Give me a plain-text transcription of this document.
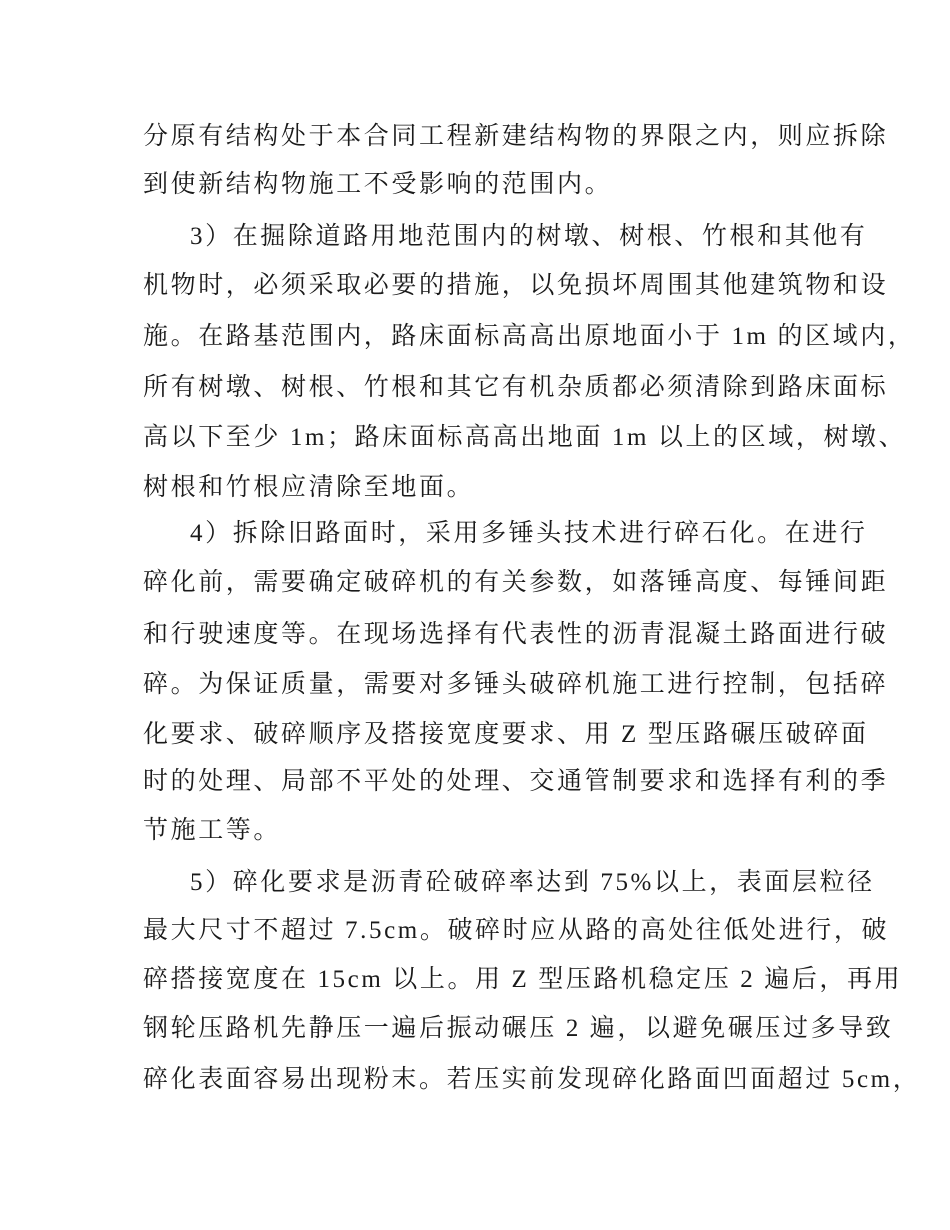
分原有结构处于本合同工程新建结构物的界限之内，则应拆除
到使新结构物施工不受影响的范围内。
3）在掘除道路用地范围内的树墩、树根、竹根和其他有
机物时，必须采取必要的措施，以免损坏周围其他建筑物和设
施。在路基范围内，路床面标高高出原地面小于 1m 的区域内，
所有树墩、树根、竹根和其它有机杂质都必须清除到路床面标
高以下至少 1m；路床面标高高出地面 1m 以上的区域，树墩、
树根和竹根应清除至地面。
4）拆除旧路面时，采用多锤头技术进行碎石化。在进行
碎化前，需要确定破碎机的有关参数，如落锤高度、每锤间距
和行驶速度等。在现场选择有代表性的沥青混凝土路面进行破
碎。为保证质量，需要对多锤头破碎机施工进行控制，包括碎
化要求、破碎顺序及搭接宽度要求、用 Z 型压路碾压破碎面
时的处理、局部不平处的处理、交通管制要求和选择有利的季
节施工等。
5）碎化要求是沥青砼破碎率达到 75%以上，表面层粒径
最大尺寸不超过 7.5cm。破碎时应从路的高处往低处进行，破
碎搭接宽度在 15cm 以上。用 Z 型压路机稳定压 2 遍后，再用
钢轮压路机先静压一遍后振动碾压 2 遍，以避免碾压过多导致
碎化表面容易出现粉末。若压实前发现碎化路面凹面超过 5cm，
